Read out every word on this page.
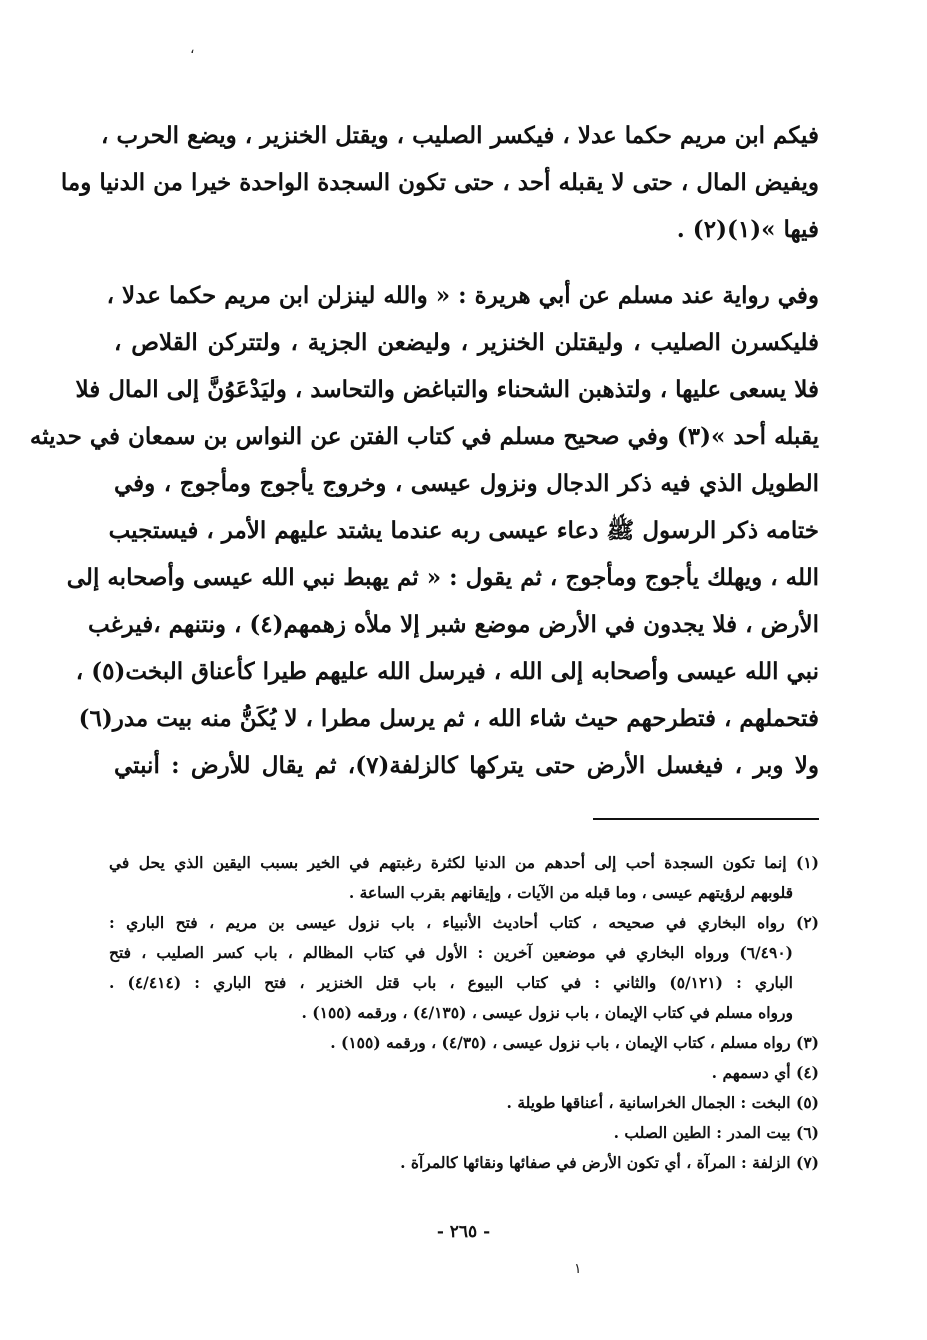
،
فيكم ابن مريم حكما عدلا ، فيكسر الصليب ، ويقتل الخنزير ، ويضع الحرب ،
ويفيض المال ، حتى لا يقبله أحد ، حتى تكون السجدة الواحدة خيرا من الدنيا وما
فيها »(١)(٢) .
وفي رواية عند مسلم عن أبي هريرة : « والله لينزلن ابن مريم حكما عدلا ،
فليكسرن الصليب ، وليقتلن الخنزير ، وليضعن الجزية ، ولتتركن القلاص ،
فلا يسعى عليها ، ولتذهبن الشحناء والتباغض والتحاسد ، وليَدْعَوُنَّ إلى المال فلا
يقبله أحد »(٣) وفي صحيح مسلم في كتاب الفتن عن النواس بن سمعان في حديثه
الطويل الذي فيه ذكر الدجال ونزول عيسى ، وخروج يأجوج ومأجوج ، وفي
ختامه ذكر الرسول ﷺ دعاء عيسى ربه عندما يشتد عليهم الأمر ، فيستجيب
الله ، ويهلك يأجوج ومأجوج ، ثم يقول : « ثم يهبط نبي الله عيسى وأصحابه إلى
الأرض ، فلا يجدون في الأرض موضع شبر إلا ملأه زهمهم(٤) ، ونتنهم ،فيرغب
نبي الله عيسى وأصحابه إلى الله ، فيرسل الله عليهم طيرا كأعناق البخت(٥) ،
فتحملهم ، فتطرحهم حيث شاء الله ، ثم يرسل مطرا ، لا يُكَنُّ منه بيت مدر(٦)
ولا وبر ، فيغسل الأرض حتى يتركها كالزلفة(٧)، ثم يقال للأرض : أنبتي
(١) إنما تكون السجدة أحب إلى أحدهم من الدنيا لكثرة رغبتهم في الخير بسبب اليقين الذي يحل في
قلوبهم لرؤيتهم عيسى ، وما قبله من الآيات ، وإيقانهم بقرب الساعة .
(٢) رواه البخاري في صحيحه ، كتاب أحاديث الأنبياء ، باب نزول عيسى بن مريم ، فتح الباري :
(٦/٤٩٠) ورواه البخاري في موضعين آخرين : الأول في كتاب المظالم ، باب كسر الصليب ، فتح
الباري : (٥/١٢١) والثاني : في كتاب البيوع ، باب قتل الخنزير ، فتح الباري : (٤/٤١٤) .
ورواه مسلم في كتاب الإيمان ، باب نزول عيسى ، (٤/١٣٥) ، ورقمه (١٥٥) .
(٣) رواه مسلم ، كتاب الإيمان ، باب نزول عيسى ، (٤/٣٥) ، ورقمه (١٥٥) .
(٤) أي دسمهم .
(٥) البخت : الجمال الخراسانية ، أعناقها طويلة .
(٦) بيت المدر : الطين الصلب .
(٧) الزلفة : المرآة ، أي تكون الأرض في صفائها ونقائها كالمرآة .
- ٢٦٥ -
١
